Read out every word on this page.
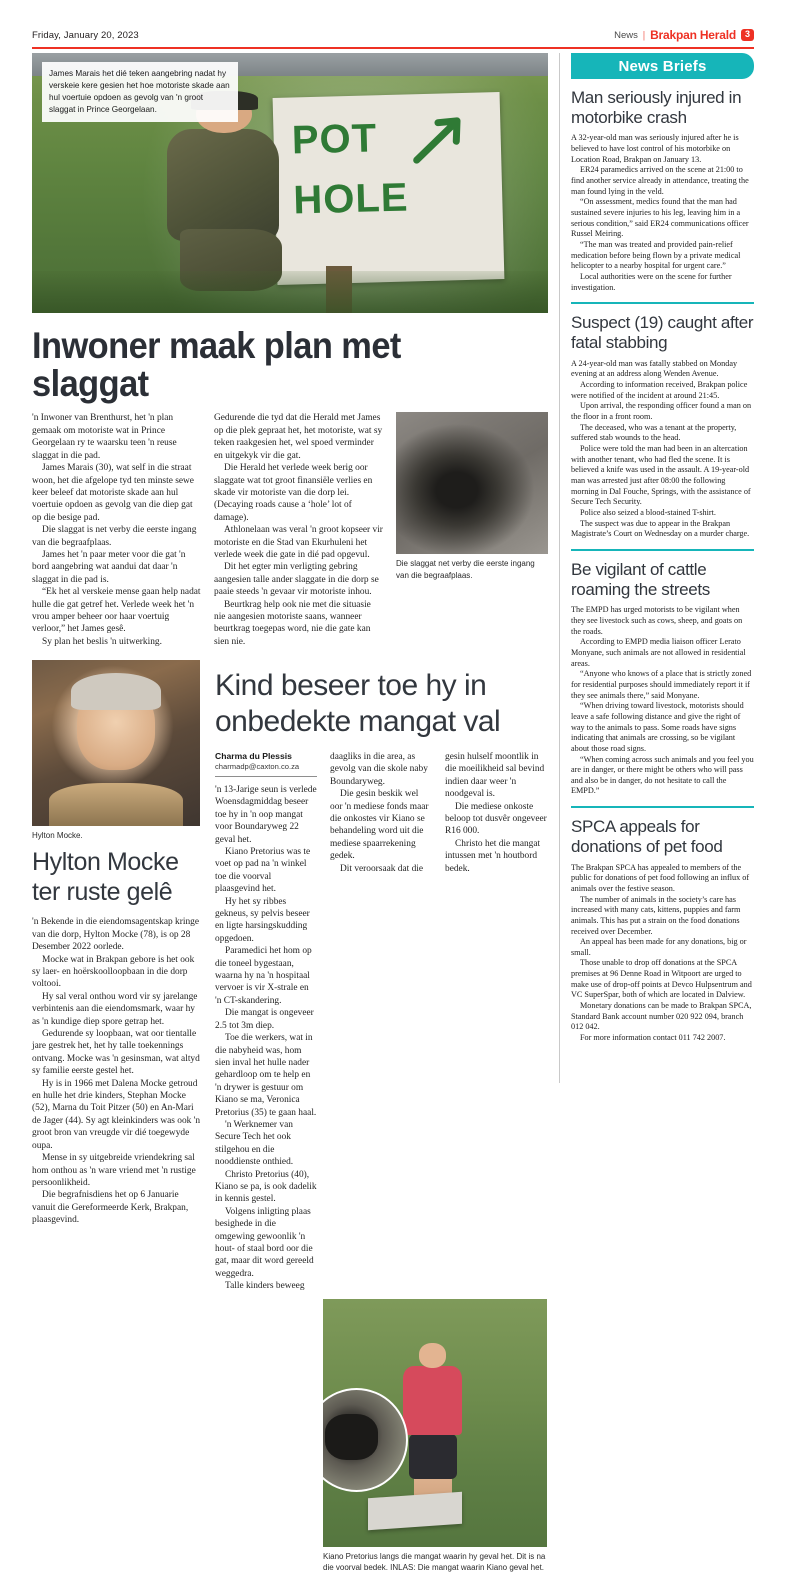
Friday, January 20, 2023	News | Brakpan Herald	3
POT
HOLE
James Marais het dié teken aangebring nadat hy verskeie kere gesien het hoe motoriste skade aan hul voertuie opdoen as gevolg van 'n groot slaggat in Prince Georgelaan.
Inwoner maak plan met slaggat

'n Inwoner van Brenthurst, het 'n plan gemaak om motoriste wat in Prince Georgelaan ry te waarsku teen 'n reuse slaggat in die pad.

James Marais (30), wat self in die straat woon, het die afgelope tyd ten minste sewe keer beleef dat motoriste skade aan hul voertuie opdoen as gevolg van die diep gat op die besige pad.

Die slaggat is net verby die eerste ingang van die begraafplaas.

James het 'n paar meter voor die gat 'n bord aangebring wat aandui dat daar 'n slaggat in die pad is.

“Ek het al verskeie mense gaan help nadat hulle die gat getref het. Verlede week het 'n vrou amper beheer oor haar voertuig verloor,” het James gesê.

Sy plan het beslis 'n uitwerking.

Gedurende die tyd dat die Herald met James op die plek gepraat het, het motoriste, wat sy teken raakgesien het, wel spoed verminder en uitgekyk vir die gat.

Die Herald het verlede week berig oor slaggate wat tot groot finansiële verlies en skade vir motoriste van die dorp lei. (Decaying roads cause a ‘hole’ lot of damage).

Athlonelaan was veral 'n groot kopseer vir motoriste en die Stad van Ekurhuleni het verlede week die gate in dié pad opgevul.

Dit het egter min verligting gebring aangesien talle ander slaggate in die dorp se paaie steeds 'n gevaar vir motoriste inhou.

Beurtkrag help ook nie met die situasie nie aangesien motoriste saans, wanneer beurtkrag toegepas word, nie die gate kan sien nie.

Die slaggat net verby die eerste ingang van die begraafplaas.
Hylton Mocke.
Hylton Mocke ter ruste gelê

'n Bekende in die eiendomsagentskap kringe van die dorp, Hylton Mocke (78), is op 28 Desember 2022 oorlede.

Mocke wat in Brakpan gebore is het ook sy laer- en hoërskoolloopbaan in die dorp voltooi.

Hy sal veral onthou word vir sy jarelange verbintenis aan die eiendomsmark, waar hy as 'n kundige diep spore getrap het.

Gedurende sy loopbaan, wat oor tientalle jare gestrek het, het hy talle toekennings ontvang. Mocke was 'n gesinsman, wat altyd sy familie eerste gestel het.

Hy is in 1966 met Dalena Mocke getroud en hulle het drie kinders, Stephan Mocke (52), Marna du Toit Pitzer (50) en An-Mari de Jager (44). Sy agt kleinkinders was ook 'n groot bron van vreugde vir dié toegewyde oupa.

Mense in sy uitgebreide vriendekring sal hom onthou as 'n ware vriend met 'n rustige persoonlikheid.

Die begrafnisdiens het op 6 Januarie vanuit die Gereformeerde Kerk, Brakpan, plaasgevind.

Kind beseer toe hy in onbedekte mangat val
Charma du Plessis
charmadp@caxton.co.za

'n 13-Jarige seun is verlede Woensdagmiddag beseer toe hy in 'n oop mangat voor Boundaryweg 22 geval het.

Kiano Pretorius was te voet op pad na 'n winkel toe die voorval plaasgevind het.

Hy het sy ribbes gekneus, sy pelvis beseer en ligte harsingskudding opgedoen.

Paramedici het hom op die toneel bygestaan, waarna hy na 'n hospitaal vervoer is vir X-strale en 'n CT-skandering.

Die mangat is ongeveer 2.5 tot 3m diep.

Toe die werkers, wat in die nabyheid was, hom sien inval het hulle nader gehardloop om te help en 'n drywer is gestuur om Kiano se ma, Veronica Pretorius (35) te gaan haal.

'n Werknemer van Secure Tech het ook stilgehou en die nooddienste onthied.

Christo Pretorius (40), Kiano se pa, is ook dadelik in kennis gestel.

Volgens inligting plaas besighede in die omgewing gewoonlik 'n hout- of staal bord oor die gat, maar dit word gereeld weggedra.

Talle kinders beweeg

daagliks in die area, as gevolg van die skole naby Boundaryweg.

Die gesin beskik wel oor 'n mediese fonds maar die onkostes vir Kiano se behandeling word uit die mediese spaarrekening gedek.

Dit veroorsaak dat die

gesin hulself moontlik in die moeilikheid sal bevind indien daar weer 'n noodgeval is.

Die mediese onkoste beloop tot dusvêr ongeveer R16 000.

Christo het die mangat intussen met 'n houtbord bedek.

Kiano Pretorius langs die mangat waarin hy geval het. Dit is na die voorval bedek. INLAS: Die mangat waarin Kiano geval het.
News Briefs
Man seriously injured in motorbike crash

A 32-year-old man was seriously injured after he is believed to have lost control of his motorbike on Location Road, Brakpan on January 13.

ER24 paramedics arrived on the scene at 21:00 to find another service already in attendance, treating the man found lying in the veld.

“On assessment, medics found that the man had sustained severe injuries to his leg, leaving him in a serious condition,” said ER24 communications officer Russel Meiring.

“The man was treated and provided pain-relief medication before being flown by a private medical helicopter to a nearby hospital for urgent care.”

Local authorities were on the scene for further investigation.

Suspect (19) caught after fatal stabbing

A 24-year-old man was fatally stabbed on Monday evening at an address along Wenden Avenue.

According to information received, Brakpan police were notified of the incident at around 21:45.

Upon arrival, the responding officer found a man on the floor in a front room.

The deceased, who was a tenant at the property, suffered stab wounds to the head.

Police were told the man had been in an altercation with another tenant, who had fled the scene. It is believed a knife was used in the assault. A 19-year-old man was arrested just after 08:00 the following morning in Dal Fouche, Springs, with the assistance of Secure Tech Security.

Police also seized a blood-stained T-shirt.

The suspect was due to appear in the Brakpan Magistrate’s Court on Wednesday on a murder charge.

Be vigilant of cattle roaming the streets

The EMPD has urged motorists to be vigilant when they see livestock such as cows, sheep, and goats on the roads.

According to EMPD media liaison officer Lerato Monyane, such animals are not allowed in residential areas.

“Anyone who knows of a place that is strictly zoned for residential purposes should immediately report it if they see animals there,” said Monyane.

“When driving toward livestock, motorists should leave a safe following distance and give the right of way to the animals to pass. Some roads have signs indicating that animals are crossing, so be vigilant about those road signs.

“When coming across such animals and you feel you are in danger, or there might be others who will pass and also be in danger, do not hesitate to call the EMPD.”

SPCA appeals for donations of pet food

The Brakpan SPCA has appealed to members of the public for donations of pet food following an influx of animals over the festive season.

The number of animals in the society’s care has increased with many cats, kittens, puppies and farm animals. This has put a strain on the food donations received over December.

An appeal has been made for any donations, big or small.

Those unable to drop off donations at the SPCA premises at 96 Denne Road in Witpoort are urged to make use of drop-off points at Devco Hulpsentrum and VC SuperSpar, both of which are located in Dalview.

Monetary donations can be made to Brakpan SPCA, Standard Bank account number 020 922 094, branch 012 042.

For more information contact 011 742 2007.
